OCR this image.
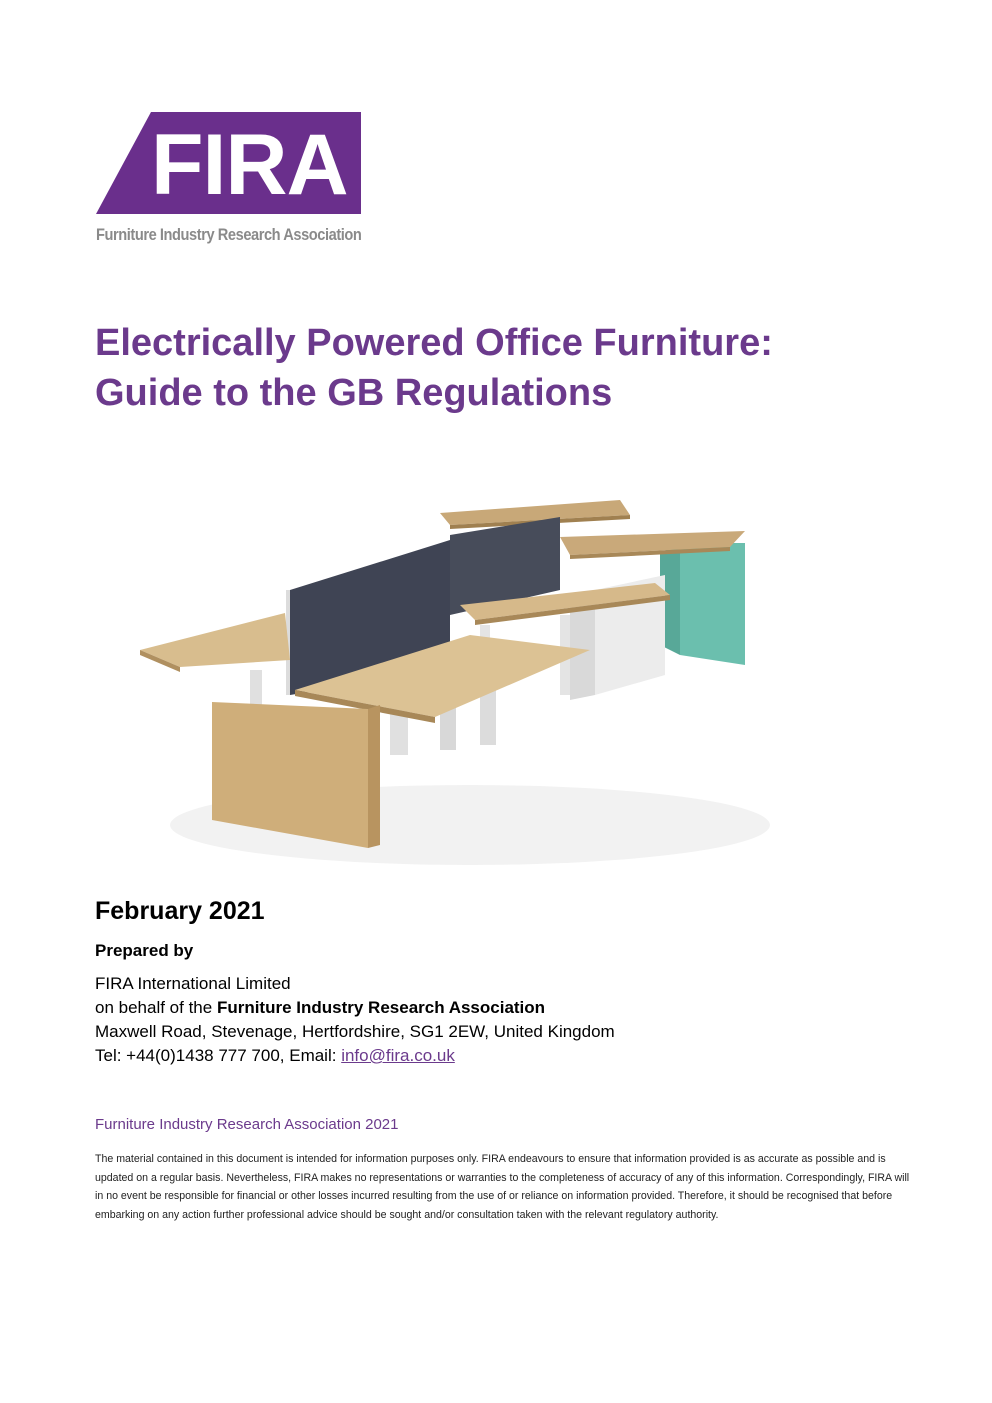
FIRA
Furniture Industry Research Association
Electrically Powered Office Furniture:
Guide to the GB Regulations
February 2021
Prepared by
FIRA International Limited
on behalf of the Furniture Industry Research Association
Maxwell Road, Stevenage, Hertfordshire, SG1 2EW, United Kingdom
Tel: +44(0)1438 777 700, Email: info@fira.co.uk
Furniture Industry Research Association 2021
The material contained in this document is intended for information purposes only. FIRA endeavours to ensure that information provided is as accurate as possible and is updated on a regular basis. Nevertheless, FIRA makes no representations or warranties to the completeness of accuracy of any of this information. Correspondingly, FIRA will in no event be responsible for financial or other losses incurred resulting from the use of or reliance on information provided. Therefore, it should be recognised that before embarking on any action further professional advice should be sought and/or consultation taken with the relevant regulatory authority.
